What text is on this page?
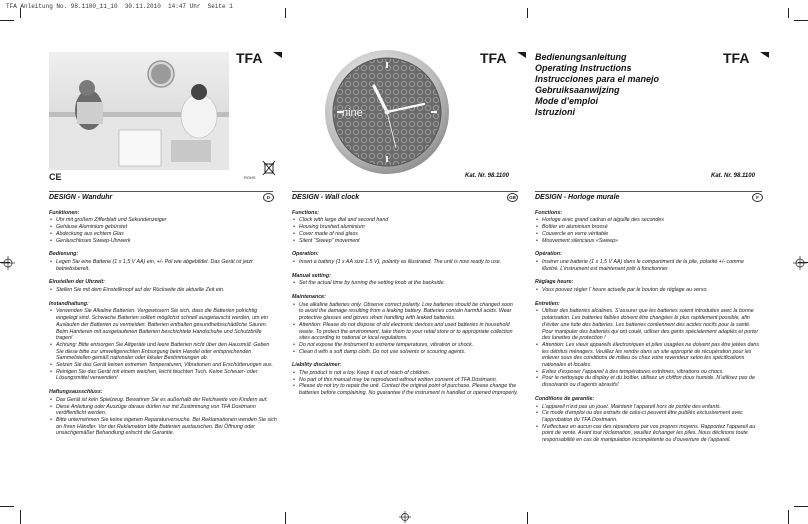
TFA Anleitung No. 98.1100_11_10  30.11.2010  14:47 Uhr  Seite 1
CE	ROHS
TFA	TFA	TFA
nine
Kat. Nr. 98.1100	Kat. Nr. 98.1100
Bedienungsanleitung
Operating Instructions
Instrucciones para el manejo
Gebruiksaanwijzing
Mode d’emploi
Istruzioni
D	GB	F
DESIGN - Wanduhr
Funktionen:
• Uhr mit großem Zifferblatt und Sekundenzeiger
• Gehäuse Aluminium gebürstet
• Abdeckung aus echtem Glas
• Geräuschloses Sweep-Uhrwerk
Bedienung:
• Legen Sie eine Batterie (1 x 1,5 V AA) ein, +/- Pol wie abgebildet. Das Gerät ist jetzt betriebsbereit.
Einstellen der Uhrzeit:
• Stellen Sie mit dem Einstellknopf auf der Rückseite die aktuelle Zeit ein.
Instandhaltung:
• Verwenden Sie Alkaline Batterien. Vergewissern Sie sich, dass die Batterien polrichtig eingelegt sind. Schwache Batterien sollten möglichst schnell ausgetauscht werden, um ein Auslaufen der Batterien zu vermeiden. Batterien enthalten gesundheitsschädliche Säuren. Beim Hantieren mit ausgelaufenen Batterien beschichtete Handschuhe und Schutzbrille tragen!
• Achtung: Bitte entsorgen Sie Altgeräte und leere Batterien nicht über den Hausmüll. Geben Sie diese bitte zur umweltgerechten Entsorgung beim Handel oder entsprechenden Sammelstellen gemäß nationaler oder lokaler Bestimmungen ab.
• Setzen Sie das Gerät keinen extremen Temperaturen, Vibrationen und Erschütterungen aus.
• Reinigen Sie das Gerät mit einem weichen, leicht feuchten Tuch. Keine Scheuer- oder Lösungsmittel verwenden!
Haftungsausschluss:
• Das Gerät ist kein Spielzeug. Bewahren Sie es außerhalb der Reichweite von Kindern auf.
• Diese Anleitung oder Auszüge daraus dürfen nur mit Zustimmung von TFA Dostmann veröffentlicht werden.
• Bitte unternehmen Sie keine eigenen Reparaturversuche. Bei Reklamationen wenden Sie sich an Ihren Händler. Vor der Reklamation bitte Batterien austauschen. Bei Öffnung oder unsachgemäßer Behandlung erlischt die Garantie.
DESIGN - Wall clock
Functions:
• Clock with large dial and second hand
• Housing brushed aluminium
• Cover made of real glass
• Silent “Sweep” movement
Operation:
• Insert a battery (1 x AA size 1.5 V), polarity as illustrated. The unit is now ready to use.
Manual setting:
• Set the actual time by turning the setting knob at the backside.
Maintenance:
• Use alkaline batteries only. Observe correct polarity. Low batteries should be changed soon to avoid the damage resulting from a leaking battery. Batteries contain harmful acids. Wear protective glasses and gloves when handling with leaked batteries.
• Attention: Please do not dispose of old electronic devices and used batteries in household waste. To protect the environment, take them to your retail store or to appropriate collection sites according to national or local regulations.
• Do not expose the instrument to extreme temperatures, vibration or shock.
• Clean it with a soft damp cloth. Do not use solvents or scouring agents.
Liability disclaimer:
• The product is not a toy. Keep it out of reach of children.
• No part of this manual may be reproduced without written consent of TFA Dostmann.
• Please do not try to repair the unit. Contact the original point of purchase. Please change the batteries before complaining. No guarantee if the instrument is handled or opened improperly.
DESIGN - Horloge murale
Fonctions:
• Horloge avec grand cadran et aiguille des secondes
• Boîtier en aluminium brossé
• Couvercle en verre véritable
• Mouvement silencieux «Sweep»
Opération:
• Insérer une batterie (1 x 1,5 V AA) dans le compartiment de la pile, polarité +/- comme illustré. L’instrument est maintenant prêt à fonctionner.
Réglage heure:
• Vous pouvez régler l’ heure actuelle par le bouton de réglage au verso.
Entretien:
• Utiliser des batteries alcalines. S’assurer que les batteries soient introduites avec la bonne polarisation. Les batteries faibles doivent être changées le plus rapidement possible, afin d’éviter une fuite des batteries. Les batteries contiennent des acides nocifs pour la santé. Pour manipuler des batteries qui ont coulé, utiliser des gants spécialement adaptés et porter des lunettes de protection !
• Attention: Les vieux appareils électroniques et piles usagées ne doivent pas être jetées dans les détritus ménagers. Veuillez les rendre dans un site approprié de récupération pour les enlever sous des conditions de milieu ou chez votre revendeur selon les spécifications nationales et locales.
• Evitez d’exposer l’appareil à des températures extrêmes, vibrations ou chocs.
• Pour le nettoyage du display et du boîtier, utilisez un chiffon doux humide. N’utilisez pas de dissolvants ou d’agents abrasifs!
Conditions de garantie:
• L’appareil n’est pas un jouet. Maintenir l’appareil hors de portée des enfants.
• Ce mode d’emploi ou des extraits de celui-ci peuvent être publiés exclusivement avec l’approbation du TFA Dostmann.
• N’effectuez en aucun cas des réparations par vos propres moyens. Rapportez l’appareil au point de vente. Avant tout réclamation, veuillez échanger les piles. Nous déclinons toute responsabilité en cas de manipulation incompétente ou d’ouverture de l’appareil.
